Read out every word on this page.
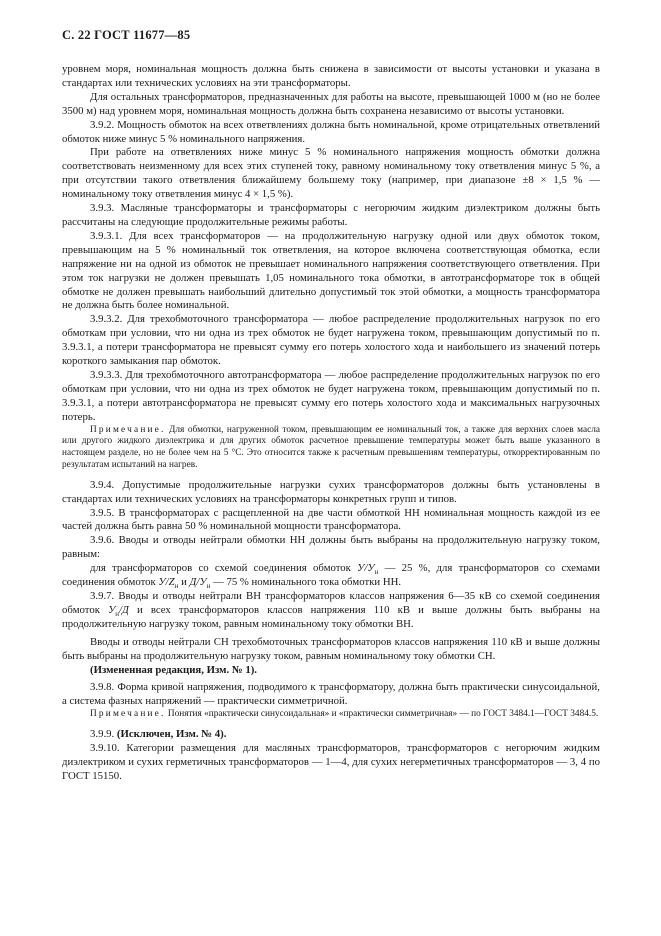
С. 22 ГОСТ 11677—85

уровнем моря, номинальная мощность должна быть снижена в зависимости от высоты установки и указана в стандартах или технических условиях на эти трансформаторы.

Для остальных трансформаторов, предназначенных для работы на высоте, превышающей 1000 м (но не более 3500 м) над уровнем моря, номинальная мощность должна быть сохранена независимо от высоты установки.

3.9.2. Мощность обмоток на всех ответвлениях должна быть номинальной, кроме отрицательных ответвлений обмоток ниже минус 5 % номинального напряжения.

При работе на ответвлениях ниже минус 5 % номинального напряжения мощность обмотки должна соответствовать неизменному для всех этих ступеней току, равному номинальному току ответвления минус 5 %, а при отсутствии такого ответвления ближайшему большему току (например, при диапазоне ±8 × 1,5 % — номинальному току ответвления минус 4 × 1,5 %).

3.9.3. Масляные трансформаторы и трансформаторы с негорючим жидким диэлектриком должны быть рассчитаны на следующие продолжительные режимы работы.

3.9.3.1. Для всех трансформаторов — на продолжительную нагрузку одной или двух обмоток током, превышающим на 5 % номинальный ток ответвления, на которое включена соответствующая обмотка, если напряжение ни на одной из обмоток не превышает номинального напряжения соответствующего ответвления. При этом ток нагрузки не должен превышать 1,05 номинального тока обмотки, в автотрансформаторе ток в общей обмотке не должен превышать наибольший длительно допустимый ток этой обмотки, а мощность трансформатора не должна быть более номинальной.

3.9.3.2. Для трехобмоточного трансформатора — любое распределение продолжительных нагрузок по его обмоткам при условии, что ни одна из трех обмоток не будет нагружена током, превышающим допустимый по п. 3.9.3.1, а потери трансформатора не превысят сумму его потерь холостого хода и наибольшего из значений потерь короткого замыкания пар обмоток.

3.9.3.3. Для трехобмоточного автотрансформатора — любое распределение продолжительных нагрузок по его обмоткам при условии, что ни одна из трех обмоток не будет нагружена током, превышающим допустимый по п. 3.9.3.1, а потери автотрансформатора не превысят сумму его потерь холостого хода и максимальных нагрузочных потерь.

Примечание. Для обмотки, нагруженной током, превышающим ее номинальный ток, а также для верхних слоев масла или другого жидкого диэлектрика и для других обмоток расчетное превышение температуры может быть выше указанного в настоящем разделе, но не более чем на 5 °С. Это относится также к расчетным превышениям температуры, откорректированным по результатам испытаний на нагрев.

3.9.4. Допустимые продолжительные нагрузки сухих трансформаторов должны быть установлены в стандартах или технических условиях на трансформаторы конкретных групп и типов.

3.9.5. В трансформаторах с расщепленной на две части обмоткой НН номинальная мощность каждой из ее частей должна быть равна 50 % номинальной мощности трансформатора.

3.9.6. Вводы и отводы нейтрали обмотки НН должны быть выбраны на продолжительную нагрузку током, равным:

для трансформаторов со схемой соединения обмоток $У/У_н$ — 25 %, для трансформаторов со схемами соединения обмоток $У/Z_н$ и $Д/У_н$ — 75 % номинального тока обмотки НН.

3.9.7. Вводы и отводы нейтрали ВН трансформаторов классов напряжения 6—35 кВ со схемой соединения обмоток $У_н/Д$ и всех трансформаторов классов напряжения 110 кВ и выше должны быть выбраны на продолжительную нагрузку током, равным номинальному току обмотки ВН.

Вводы и отводы нейтрали СН трехобмоточных трансформаторов классов напряжения 110 кВ и выше должны быть выбраны на продолжительную нагрузку током, равным номинальному току обмотки СН.

(Измененная редакция, Изм. № 1).

3.9.8. Форма кривой напряжения, подводимого к трансформатору, должна быть практически синусоидальной, а система фазных напряжений — практически симметричной.

Примечание. Понятия «практически синусоидальная» и «практически симметричная» — по ГОСТ 3484.1—ГОСТ 3484.5.

3.9.9. (Исключен, Изм. № 4).

3.9.10. Категории размещения для масляных трансформаторов, трансформаторов с негорючим жидким диэлектриком и сухих герметичных трансформаторов — 1—4, для сухих негерметичных трансформаторов — 3, 4 по ГОСТ 15150.
